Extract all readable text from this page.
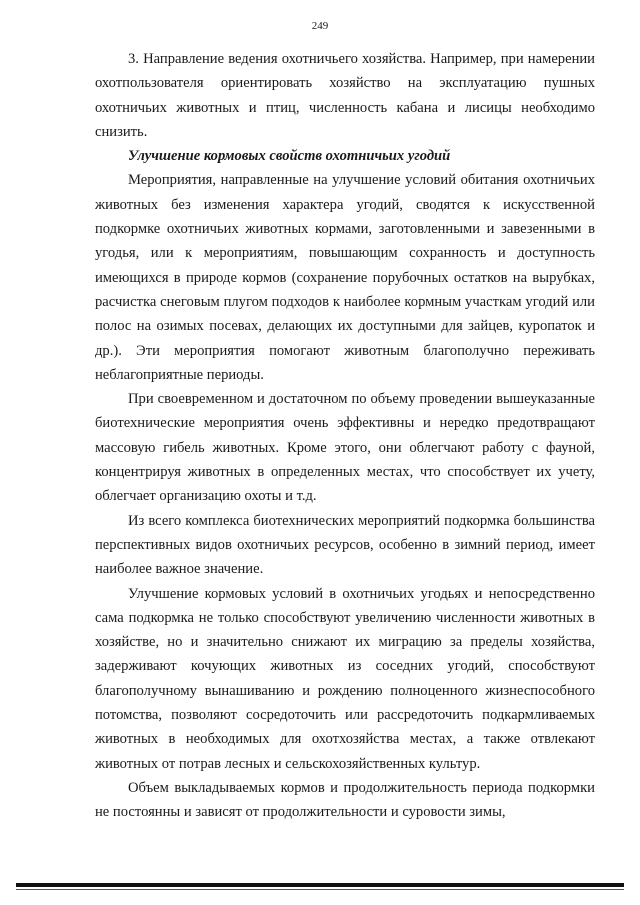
249

3. Направление ведения охотничьего хозяйства. Например, при намерении охотпользователя ориентировать хозяйство на эксплуатацию пушных охотничьих животных и птиц, численность кабана и лисицы необходимо снизить.

Улучшение кормовых свойств охотничьих угодий

Мероприятия, направленные на улучшение условий обитания охотничьих животных без изменения характера угодий, сводятся к искусственной подкормке охотничьих животных кормами, заготовленными и завезенными в угодья, или к мероприятиям, повышающим сохранность и доступность имеющихся в природе кормов (сохранение порубочных остатков на вырубках, расчистка снеговым плугом подходов к наиболее кормным участкам угодий или полос на озимых посевах, делающих их доступными для зайцев, куропаток и др.). Эти мероприятия помогают животным благополучно переживать неблагоприятные периоды.

При своевременном и достаточном по объему проведении вышеуказанные биотехнические мероприятия очень эффективны и нередко предотвращают массовую гибель животных. Кроме этого, они облегчают работу с фауной, концентрируя животных в определенных местах, что способствует их учету, облегчает организацию охоты и т.д.

Из всего комплекса биотехнических мероприятий подкормка большинства перспективных видов охотничьих ресурсов, особенно в зимний период, имеет наиболее важное значение.

Улучшение кормовых условий в охотничьих угодьях и непосредственно сама подкормка не только способствуют увеличению численности животных в хозяйстве, но и значительно снижают их миграцию за пределы хозяйства, задерживают кочующих животных из соседних угодий, способствуют благополучному вынашиванию и рождению полноценного жизнеспособного потомства, позволяют сосредоточить или рассредоточить подкармливаемых животных в необходимых для охотхозяйства местах, а также отвлекают животных от потрав лесных и сельскохозяйственных культур.

Объем выкладываемых кормов и продолжительность периода подкормки не постоянны и зависят от продолжительности и суровости зимы,
